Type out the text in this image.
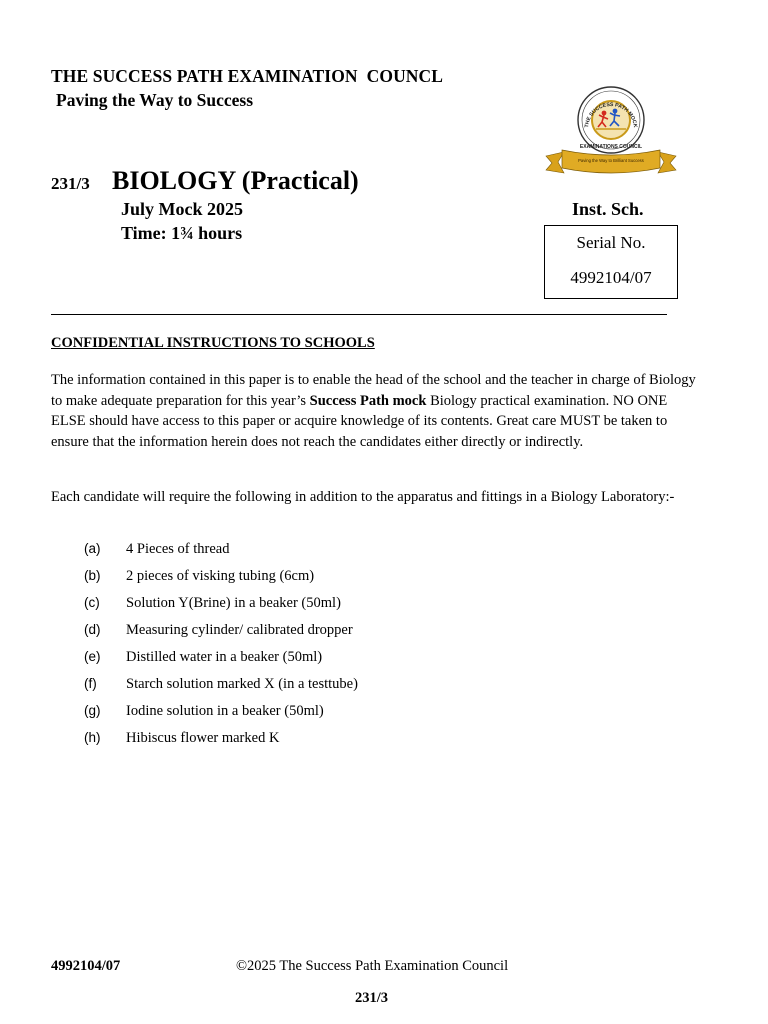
THE SUCCESS PATH EXAMINATION  COUNCL
Paving the Way to Success
Paving the Way to Brilliant Success
THE SUCCESS PATH MOCK
EXAMINATIONS COUNCIL
231/3 BIOLOGY (Practical)
July Mock 2025
Time: 1¾ hours
Inst. Sch.
Serial No.
4992104/07
CONFIDENTIAL INSTRUCTIONS TO SCHOOLS
The information contained in this paper is to enable the head of the school and the teacher in charge of Biology to make adequate preparation for this year’s Success Path mock Biology practical examination. NO ONE ELSE should have access to this paper or acquire knowledge of its contents. Great care MUST be taken to ensure that the information herein does not reach the candidates either directly or indirectly.
Each candidate will require the following in addition to the apparatus and fittings in a Biology Laboratory:-
(a) 4 Pieces of thread
(b) 2 pieces of visking tubing (6cm)
(c) Solution Y(Brine) in a beaker (50ml)
(d) Measuring cylinder/ calibrated dropper
(e) Distilled water in a beaker (50ml)
(f) Starch solution marked X (in a testtube)
(g) Iodine solution in a beaker (50ml)
(h) Hibiscus flower marked K
4992104/07	©2025 The Success Path Examination Council
231/3
